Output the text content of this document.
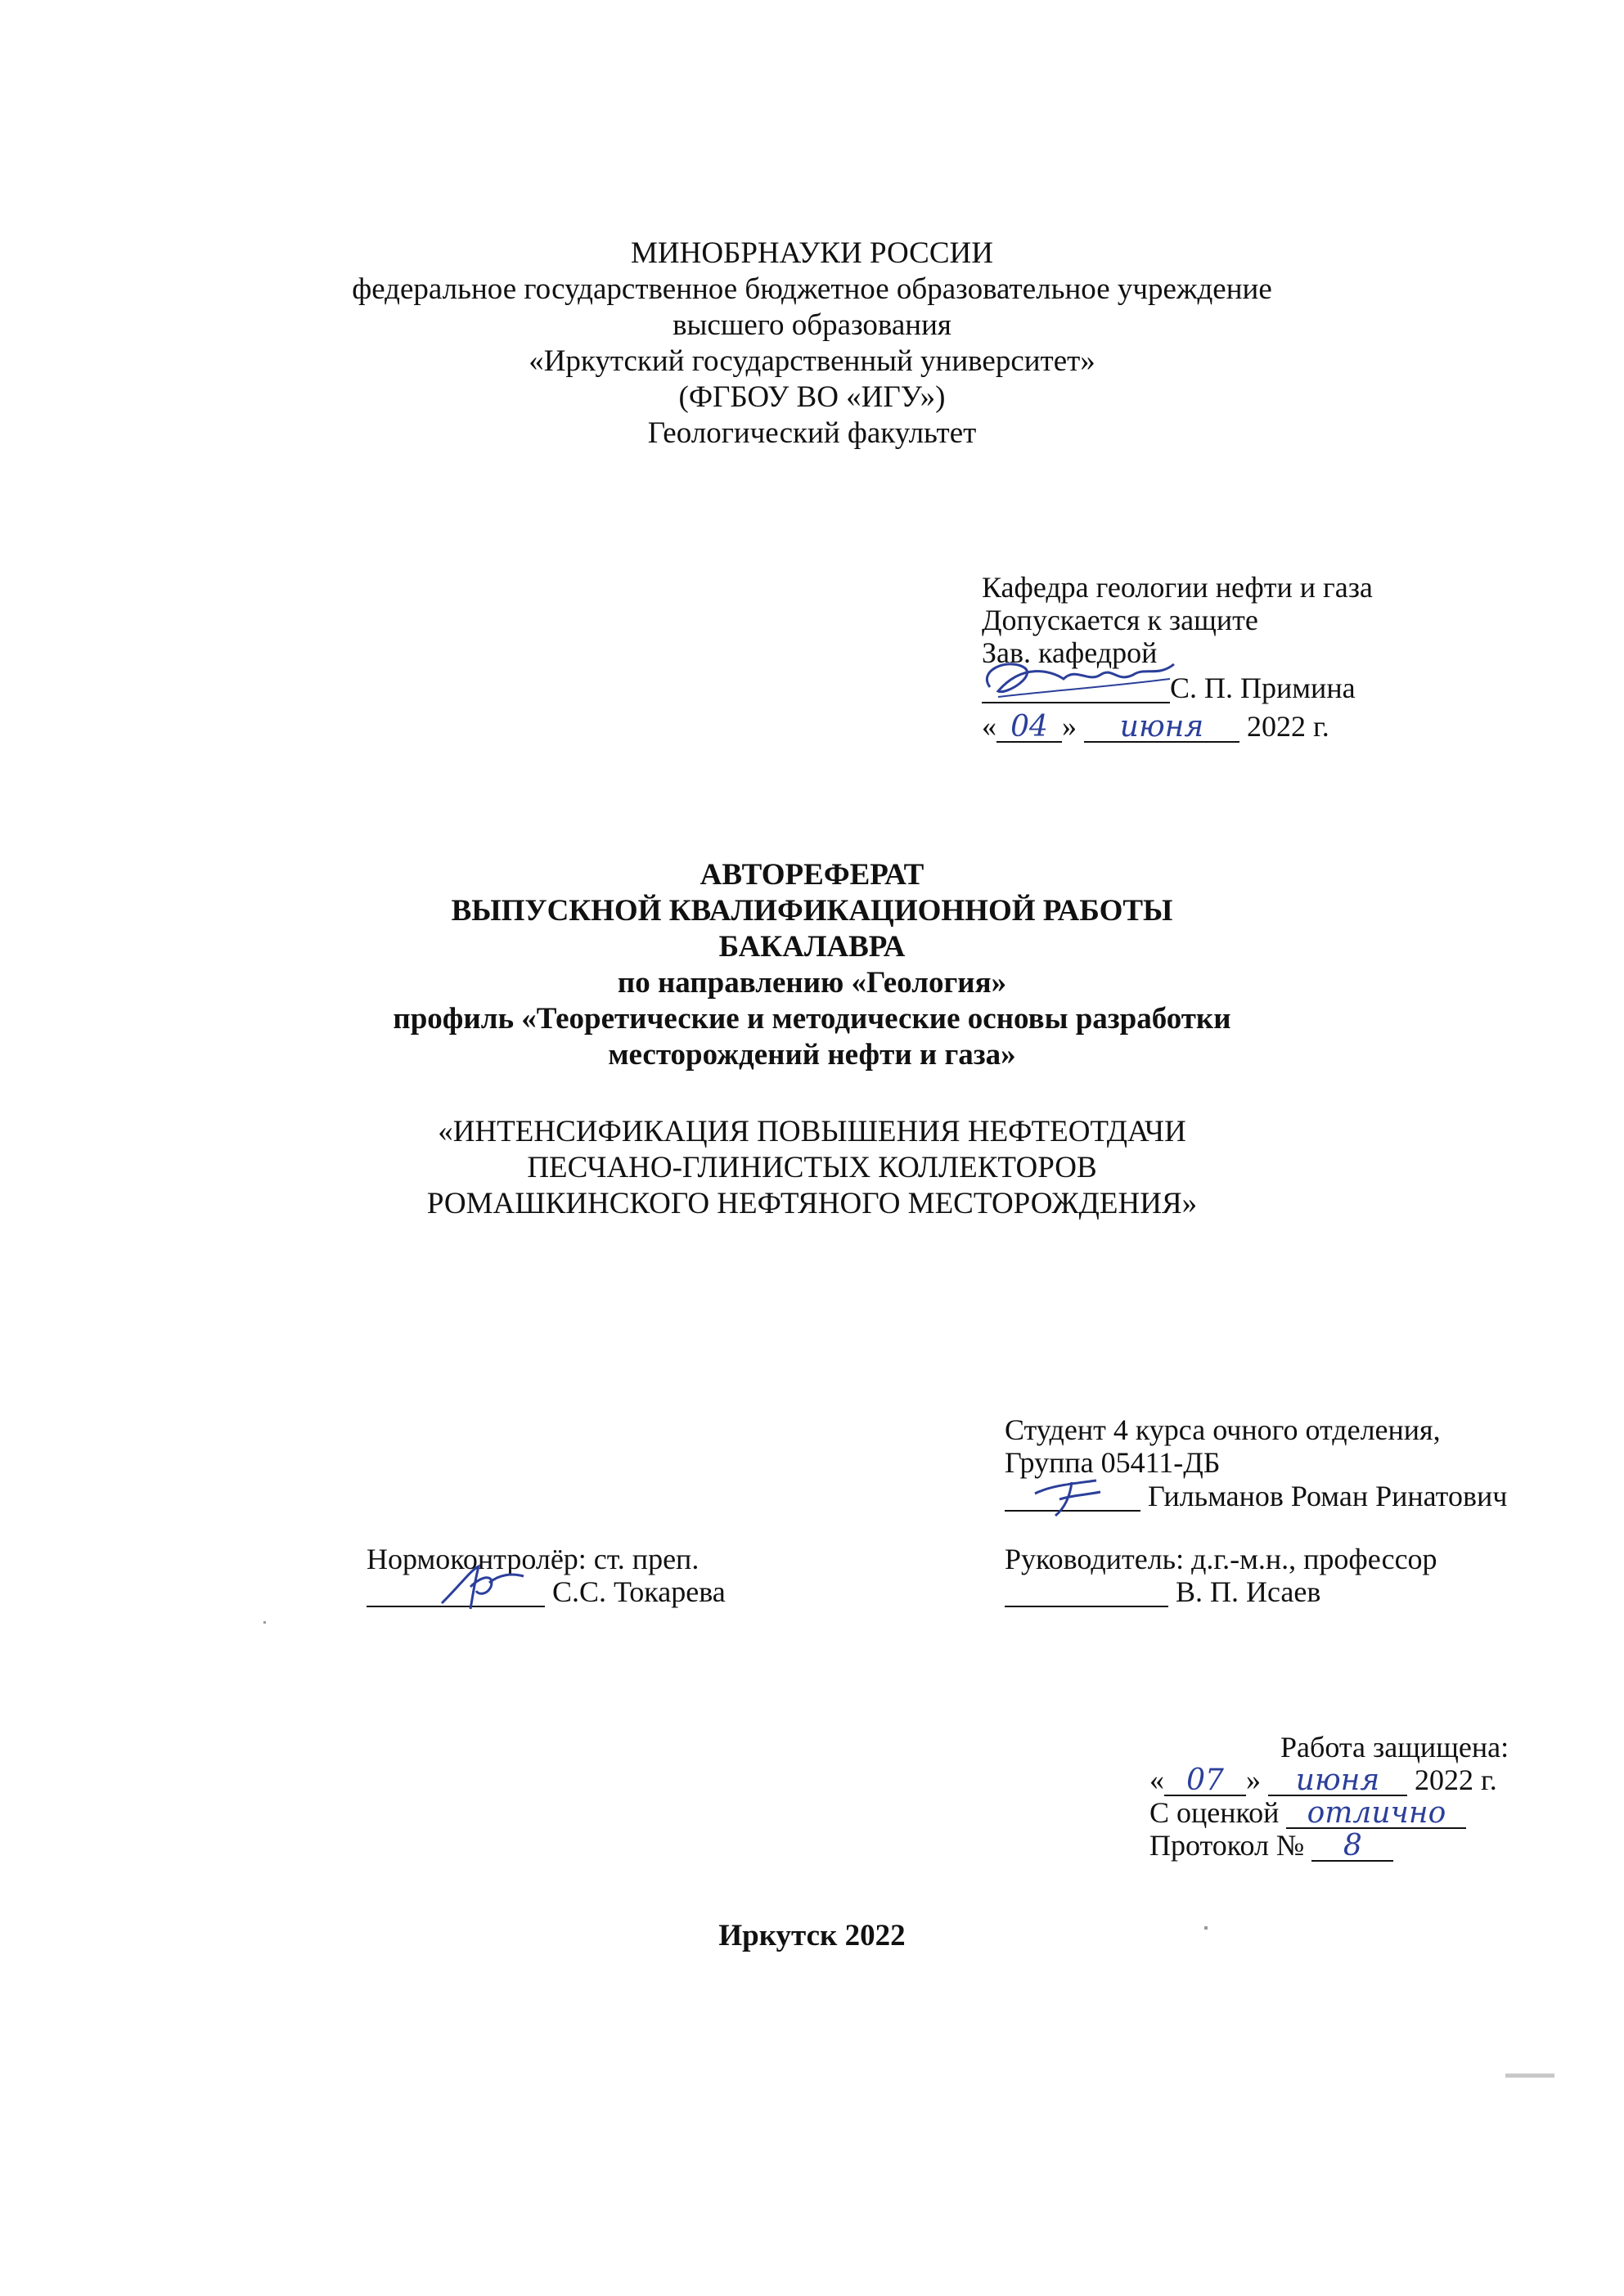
МИНОБРНАУКИ РОССИИ
федеральное государственное бюджетное образовательное учреждение
высшего образования
«Иркутский государственный университет»
(ФГБОУ ВО «ИГУ»)
Геологический факультет
Кафедра геологии нефти и газа
Допускается к защите
Зав. кафедрой
С. П. Примина
« 04 » июня 2022 г.
АВТОРЕФЕРАТ
ВЫПУСКНОЙ КВАЛИФИКАЦИОННОЙ РАБОТЫ
БАКАЛАВРА
по направлению «Геология»
профиль «Теоретические и методические основы разработки
месторождений нефти и газа»
«ИНТЕНСИФИКАЦИЯ ПОВЫШЕНИЯ НЕФТЕОТДАЧИ
ПЕСЧАНО-ГЛИНИСТЫХ КОЛЛЕКТОРОВ
РОМАШКИНСКОГО НЕФТЯНОГО МЕСТОРОЖДЕНИЯ»
Студент 4 курса очного отделения,
Группа 05411-ДБ
Гильманов Роман Ринатович
Нормоконтролёр: ст. преп.
С.С. Токарева
Руководитель: д.г.-м.н., профессор
В. П. Исаев
Работа защищена:
« 07 » июня 2022 г.
С оценкой отлично
Протокол № 8
Иркутск 2022
